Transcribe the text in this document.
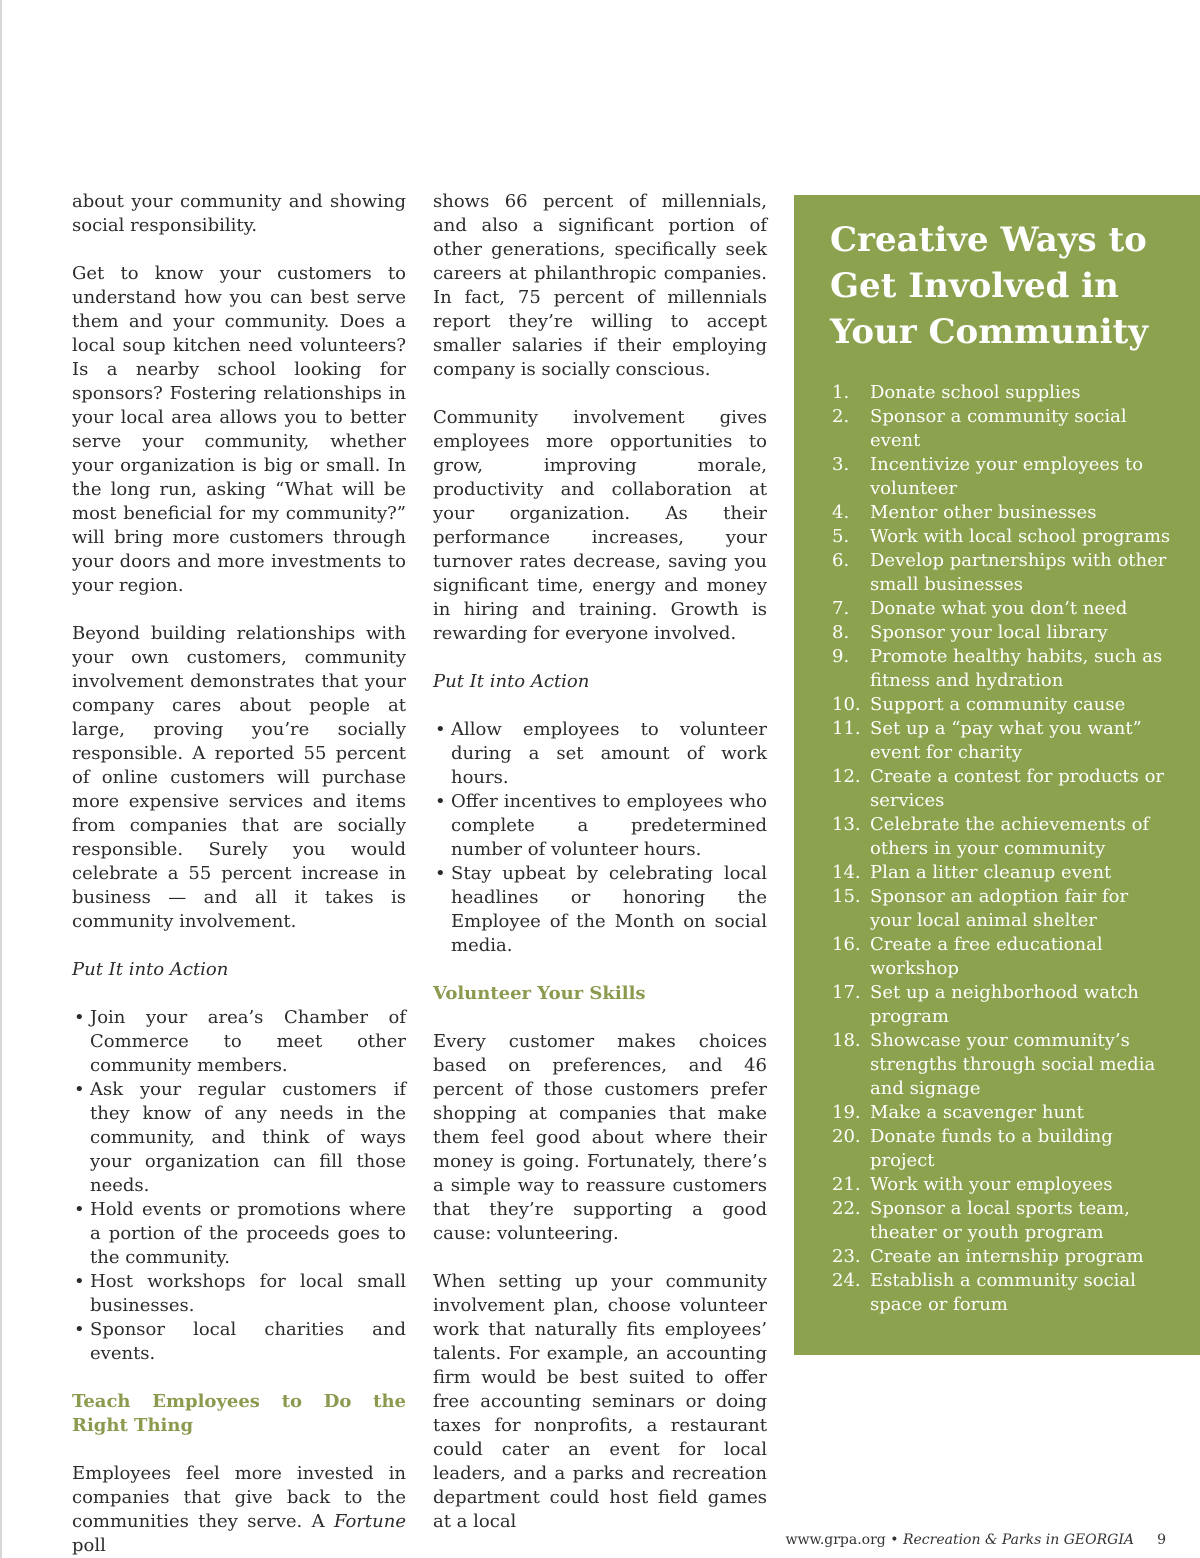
about your community and showing social responsibility.

Get to know your customers to understand how you can best serve them and your community. Does a local soup kitchen need volunteers? Is a nearby school looking for sponsors? Fostering relationships in your local area allows you to better serve your community, whether your organization is big or small. In the long run, asking “What will be most beneficial for my community?” will bring more customers through your doors and more investments to your region.

Beyond building relationships with your own customers, community involvement demonstrates that your company cares about people at large, proving you’re socially responsible. A reported 55 percent of online customers will purchase more expensive services and items from companies that are socially responsible. Surely you would celebrate a 55 percent increase in business — and all it takes is community involvement.

Put It into Action

• Join your area’s Chamber of Commerce to meet other community members.
• Ask your regular customers if they know of any needs in the community, and think of ways your organization can fill those needs.
• Hold events or promotions where a portion of the proceeds goes to the community.
• Host workshops for local small businesses.
• Sponsor local charities and events.

Teach Employees to Do the Right Thing

Employees feel more invested in companies that give back to the communities they serve. A Fortune poll

shows 66 percent of millennials, and also a significant portion of other generations, specifically seek careers at philanthropic companies. In fact, 75 percent of millennials report they’re willing to accept smaller salaries if their employing company is socially conscious.

Community involvement gives employees more opportunities to grow, improving morale, productivity and collaboration at your organization. As their performance increases, your turnover rates decrease, saving you significant time, energy and money in hiring and training. Growth is rewarding for everyone involved.

Put It into Action

• Allow employees to volunteer during a set amount of work hours.
• Offer incentives to employees who complete a predetermined number of volunteer hours.
• Stay upbeat by celebrating local headlines or honoring the Employee of the Month on social media.

Volunteer Your Skills

Every customer makes choices based on preferences, and 46 percent of those customers prefer shopping at companies that make them feel good about where their money is going. Fortunately, there’s a simple way to reassure customers that they’re supporting a good cause: volunteering.

When setting up your community involvement plan, choose volunteer work that naturally fits employees’ talents. For example, an accounting firm would be best suited to offer free accounting seminars or doing taxes for nonprofits, a restaurant could cater an event for local leaders, and a parks and recreation department could host field games at a local

Creative Ways to Get Involved in Your Community
1. Donate school supplies
2. Sponsor a community social event
3. Incentivize your employees to volunteer
4. Mentor other businesses
5. Work with local school programs
6. Develop partnerships with other small businesses
7. Donate what you don’t need
8. Sponsor your local library
9. Promote healthy habits, such as fitness and hydration
10. Support a community cause
11. Set up a “pay what you want” event for charity
12. Create a contest for products or services
13. Celebrate the achievements of others in your community
14. Plan a litter cleanup event
15. Sponsor an adoption fair for your local animal shelter
16. Create a free educational workshop
17. Set up a neighborhood watch program
18. Showcase your community’s strengths through social media and signage
19. Make a scavenger hunt
20. Donate funds to a building project
21. Work with your employees
22. Sponsor a local sports team, theater or youth program
23. Create an internship program
24. Establish a community social space or forum
www.grpa.org • Recreation & Parks in GEORGIA	9
